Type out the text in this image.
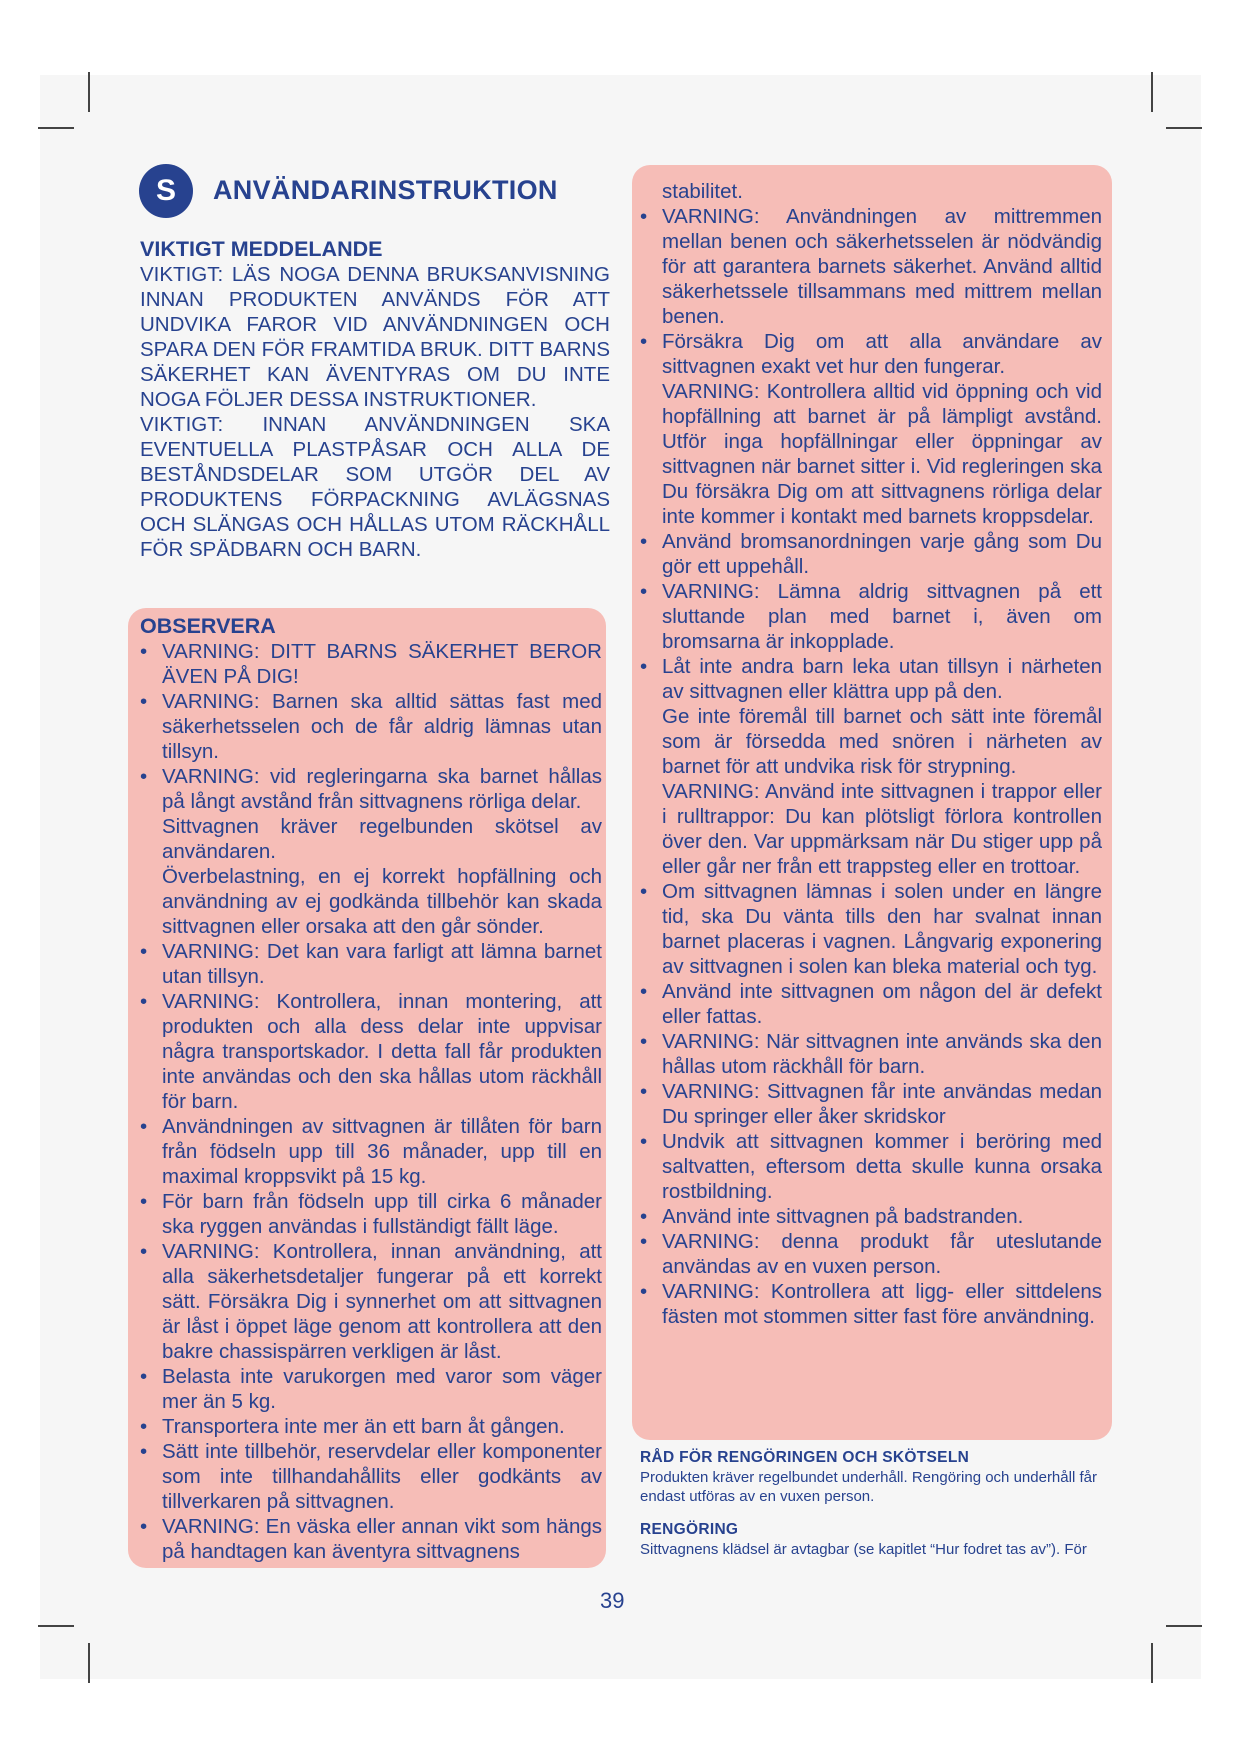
S	ANVÄNDARINSTRUKTION
VIKTIGT MEDDELANDE
VIKTIGT: LÄS NOGA DENNA BRUKSANVISNING INNAN PRODUKTEN ANVÄNDS FÖR ATT UNDVIKA FAROR VID ANVÄNDNINGEN OCH SPARA DEN FÖR FRAMTIDA BRUK. DITT BARNS SÄKERHET KAN ÄVENTYRAS OM DU INTE NOGA FÖLJER DESSA INSTRUKTIONER.
VIKTIGT: INNAN ANVÄNDNINGEN SKA EVENTUELLA PLASTPÅSAR OCH ALLA DE BESTÅNDSDELAR SOM UTGÖR DEL AV PRODUKTENS FÖRPACKNING AVLÄGSNAS OCH SLÄNGAS OCH HÅLLAS UTOM RÄCKHÅLL FÖR SPÄDBARN OCH BARN.
OBSERVERA
• VARNING: DITT BARNS SÄKERHET BEROR ÄVEN PÅ DIG!
• VARNING: Barnen ska alltid sättas fast med säkerhetsselen och de får aldrig lämnas utan tillsyn.
• VARNING: vid regleringarna ska barnet hållas på långt avstånd från sittvagnens rörliga delar.
Sittvagnen kräver regelbunden skötsel av användaren.
Överbelastning, en ej korrekt hopfällning och användning av ej godkända tillbehör kan skada sittvagnen eller orsaka att den går sönder.
• VARNING: Det kan vara farligt att lämna barnet utan tillsyn.
• VARNING: Kontrollera, innan montering, att produkten och alla dess delar inte uppvisar några transportskador. I detta fall får produkten inte användas och den ska hållas utom räckhåll för barn.
• Användningen av sittvagnen är tillåten för barn från födseln upp till 36 månader, upp till en maximal kroppsvikt på 15 kg.
• För barn från födseln upp till cirka 6 månader ska ryggen användas i fullständigt fällt läge.
• VARNING: Kontrollera, innan användning, att alla säkerhetsdetaljer fungerar på ett korrekt sätt. Försäkra Dig i synnerhet om att sittvagnen är låst i öppet läge genom att kontrollera att den bakre chassispärren verkligen är låst.
• Belasta inte varukorgen med varor som väger mer än 5 kg.
• Transportera inte mer än ett barn åt gången.
• Sätt inte tillbehör, reservdelar eller komponenter som inte tillhandahållits eller godkänts av tillverkaren på sittvagnen.
• VARNING: En väska eller annan vikt som hängs på handtagen kan äventyra sittvagnens
stabilitet.
• VARNING: Användningen av mittremmen mellan benen och säkerhetsselen är nödvändig för att garantera barnets säkerhet. Använd alltid säkerhetssele tillsammans med mittrem mellan benen.
• Försäkra Dig om att alla användare av sittvagnen exakt vet hur den fungerar.
VARNING: Kontrollera alltid vid öppning och vid hopfällning att barnet är på lämpligt avstånd. Utför inga hopfällningar eller öppningar av sittvagnen när barnet sitter i. Vid regleringen ska Du försäkra Dig om att sittvagnens rörliga delar inte kommer i kontakt med barnets kroppsdelar.
• Använd bromsanordningen varje gång som Du gör ett uppehåll.
• VARNING: Lämna aldrig sittvagnen på ett sluttande plan med barnet i, även om bromsarna är inkopplade.
• Låt inte andra barn leka utan tillsyn i närheten av sittvagnen eller klättra upp på den.
Ge inte föremål till barnet och sätt inte föremål som är försedda med snören i närheten av barnet för att undvika risk för strypning.
VARNING: Använd inte sittvagnen i trappor eller i rulltrappor: Du kan plötsligt förlora kontrollen över den. Var uppmärksam när Du stiger upp på eller går ner från ett trappsteg eller en trottoar.
• Om sittvagnen lämnas i solen under en längre tid, ska Du vänta tills den har svalnat innan barnet placeras i vagnen. Långvarig exponering av sittvagnen i solen kan bleka material och tyg.
• Använd inte sittvagnen om någon del är defekt eller fattas.
• VARNING: När sittvagnen inte används ska den hållas utom räckhåll för barn.
• VARNING: Sittvagnen får inte användas medan Du springer eller åker skridskor
• Undvik att sittvagnen kommer i beröring med saltvatten, eftersom detta skulle kunna orsaka rostbildning.
• Använd inte sittvagnen på badstranden.
• VARNING: denna produkt får uteslutande användas av en vuxen person.
• VARNING: Kontrollera att ligg- eller sittdelens fästen mot stommen sitter fast före användning.
RÅD FÖR RENGÖRINGEN OCH SKÖTSELN
Produkten kräver regelbundet underhåll. Rengöring och underhåll får endast utföras av en vuxen person.
RENGÖRING
Sittvagnens klädsel är avtagbar (se kapitlet “Hur fodret tas av”). För
39
